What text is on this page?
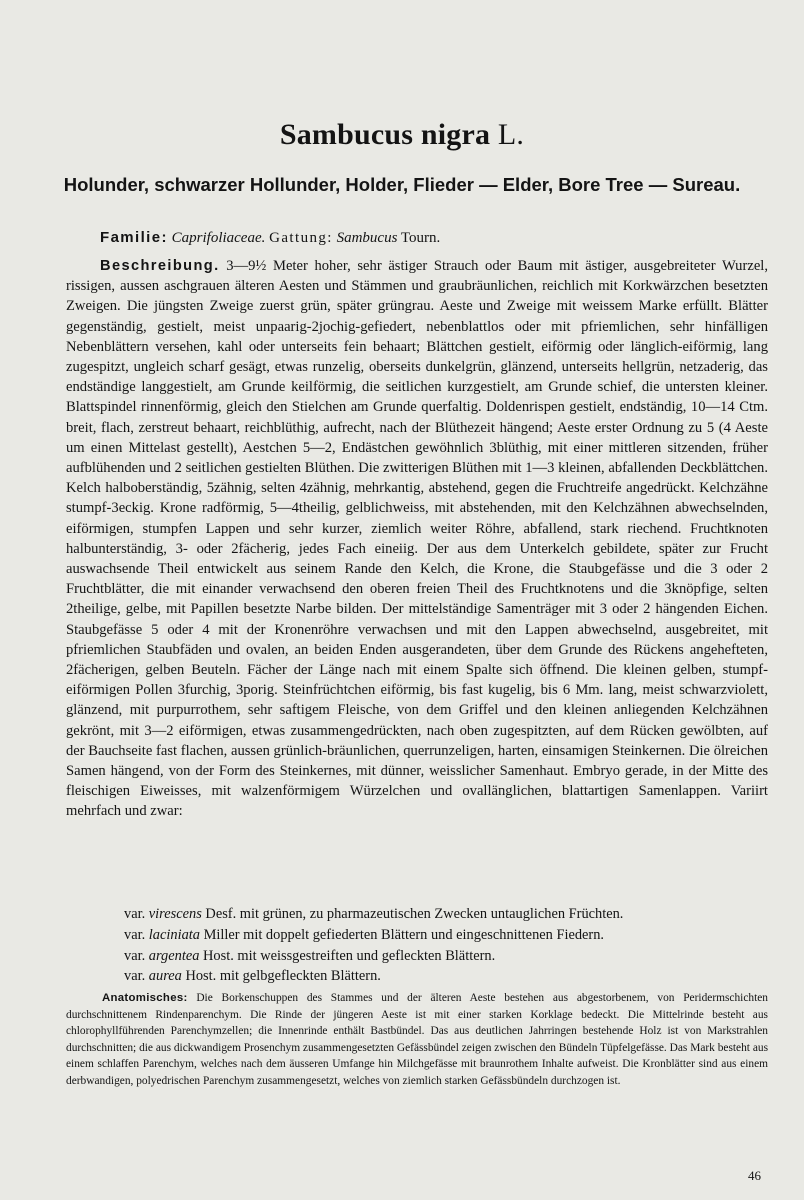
Sambucus nigra L.

Holunder, schwarzer Hollunder, Holder, Flieder — Elder, Bore Tree — Sureau.

Familie: Caprifoliaceae. Gattung: Sambucus Tourn.

Beschreibung. 3—9½ Meter hoher, sehr ästiger Strauch oder Baum mit ästiger, ausgebreiteter Wurzel, rissigen, aussen aschgrauen älteren Aesten und Stämmen und graubräunlichen, reichlich mit Korkwärzchen besetzten Zweigen. Die jüngsten Zweige zuerst grün, später grüngrau. Aeste und Zweige mit weissem Marke erfüllt. Blätter gegenständig, gestielt, meist unpaarig-2jochig-gefiedert, nebenblattlos oder mit pfriemlichen, sehr hinfälligen Nebenblättern versehen, kahl oder unterseits fein behaart; Blättchen gestielt, eiförmig oder länglich-eiförmig, lang zugespitzt, ungleich scharf gesägt, etwas runzelig, oberseits dunkelgrün, glänzend, unterseits hellgrün, netzaderig, das endständige langgestielt, am Grunde keilförmig, die seitlichen kurzgestielt, am Grunde schief, die untersten kleiner. Blattspindel rinnenförmig, gleich den Stielchen am Grunde querfaltig. Doldenrispen gestielt, endständig, 10—14 Ctm. breit, flach, zerstreut behaart, reichblüthig, aufrecht, nach der Blüthezeit hängend; Aeste erster Ordnung zu 5 (4 Aeste um einen Mittelast gestellt), Aestchen 5—2, Endästchen gewöhnlich 3blüthig, mit einer mittleren sitzenden, früher aufblühenden und 2 seitlichen gestielten Blüthen. Die zwitterigen Blüthen mit 1—3 kleinen, abfallenden Deckblättchen. Kelch halboberständig, 5zähnig, selten 4zähnig, mehrkantig, abstehend, gegen die Fruchtreife angedrückt. Kelchzähne stumpf-3eckig. Krone radförmig, 5—4theilig, gelblichweiss, mit abstehenden, mit den Kelchzähnen abwechselnden, eiförmigen, stumpfen Lappen und sehr kurzer, ziemlich weiter Röhre, abfallend, stark riechend. Fruchtknoten halbunterständig, 3- oder 2fächerig, jedes Fach eineiig. Der aus dem Unterkelch gebildete, später zur Frucht auswachsende Theil entwickelt aus seinem Rande den Kelch, die Krone, die Staubgefässe und die 3 oder 2 Fruchtblätter, die mit einander verwachsend den oberen freien Theil des Fruchtknotens und die 3knöpfige, selten 2theilige, gelbe, mit Papillen besetzte Narbe bilden. Der mittelständige Samenträger mit 3 oder 2 hängenden Eichen. Staubgefässe 5 oder 4 mit der Kronenröhre verwachsen und mit den Lappen abwechselnd, ausgebreitet, mit pfriemlichen Staubfäden und ovalen, an beiden Enden ausgerandeten, über dem Grunde des Rückens angehefteten, 2fächerigen, gelben Beuteln. Fächer der Länge nach mit einem Spalte sich öffnend. Die kleinen gelben, stumpf-eiförmigen Pollen 3furchig, 3porig. Steinfrüchtchen eiförmig, bis fast kugelig, bis 6 Mm. lang, meist schwarzviolett, glänzend, mit purpurrothem, sehr saftigem Fleische, von dem Griffel und den kleinen anliegenden Kelchzähnen gekrönt, mit 3—2 eiförmigen, etwas zusammengedrückten, nach oben zugespitzten, auf dem Rücken gewölbten, auf der Bauchseite fast flachen, aussen grünlich-bräunlichen, querrunzeligen, harten, einsamigen Steinkernen. Die ölreichen Samen hängend, von der Form des Steinkernes, mit dünner, weisslicher Samenhaut. Embryo gerade, in der Mitte des fleischigen Eiweisses, mit walzenförmigem Würzelchen und ovallänglichen, blattartigen Samenlappen. Variirt mehrfach und zwar:

var. virescens Desf. mit grünen, zu pharmazeutischen Zwecken untauglichen Früchten.
var. laciniata Miller mit doppelt gefiederten Blättern und eingeschnittenen Fiedern.
var. argentea Host. mit weissgestreiften und gefleckten Blättern.
var. aurea Host. mit gelbgefleckten Blättern.

Anatomisches: Die Borkenschuppen des Stammes und der älteren Aeste bestehen aus abgestorbenem, von Peridermschichten durchschnittenem Rindenparenchym. Die Rinde der jüngeren Aeste ist mit einer starken Korklage bedeckt. Die Mittelrinde besteht aus chlorophyllführenden Parenchymzellen; die Innenrinde enthält Bastbündel. Das aus deutlichen Jahrringen bestehende Holz ist von Markstrahlen durchschnitten; die aus dickwandigem Prosenchym zusammengesetzten Gefässbündel zeigen zwischen den Bündeln Tüpfelgefässe. Das Mark besteht aus einem schlaffen Parenchym, welches nach dem äusseren Umfange hin Milchgefässe mit braunrothem Inhalte aufweist. Die Kronblätter sind aus einem derbwandigen, polyedrischen Parenchym zusammengesetzt, welches von ziemlich starken Gefässbündeln durchzogen ist.

46
